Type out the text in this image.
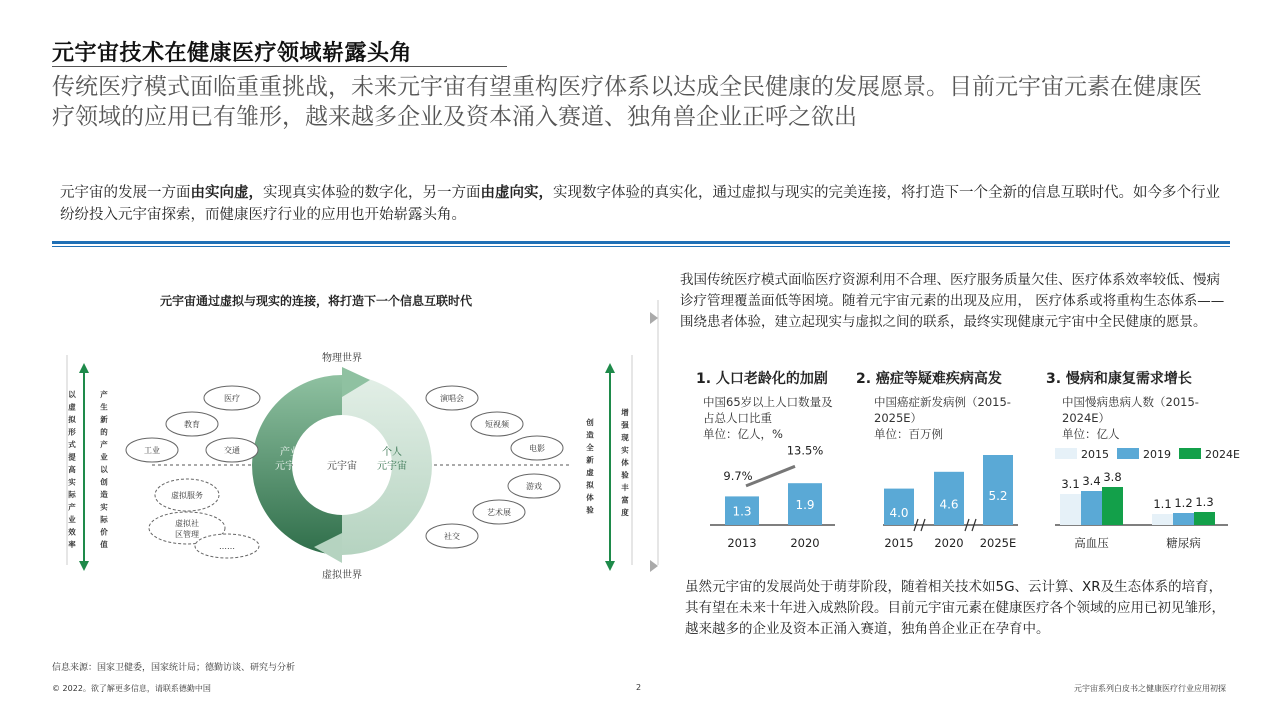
元宇宙技术在健康医疗领域崭露头角
传统医疗模式面临重重挑战，未来元宇宙有望重构医疗体系以达成全民健康的发展愿景。目前元宇宙元素在健康医疗领域的应用已有雏形，越来越多企业及资本涌入赛道、独角兽企业正呼之欲出
元宇宙的发展一方面由实向虚，实现真实体验的数字化，另一方面由虚向实，实现数字体验的真实化，通过虚拟与现实的完美连接，将打造下一个全新的信息互联时代。如今多个行业纷纷投入元宇宙探索，而健康医疗行业的应用也开始崭露头角。
元宇宙通过虚拟与现实的连接，将打造下一个信息互联时代
元宇宙
物理世界
虚拟世界
产业
元宇宙
个人
元宇宙
医疗
教育
工业	交通
虚拟服务
虚拟社
区管理
……
演唱会
短视频
电影
游戏
艺术展
社交
以
虚
拟
形
式
提
高
实
际
产
业
效
率
产
生
新
的
产
业
以
创
造
实
际
价
值
创
造
全
新
虚
拟
体
验
增
强
现
实
体
验
丰
富
度
我国传统医疗模式面临医疗资源利用不合理、医疗服务质量欠佳、医疗体系效率较低、慢病诊疗管理覆盖面低等困境。随着元宇宙元素的出现及应用， 医疗体系或将重构生态体系——围绕患者体验，建立起现实与虚拟之间的联系，最终实现健康元宇宙中全民健康的愿景。
1. 人口老龄化的加剧
中国65岁以上人口数量及占总人口比重
单位：亿人，%
1.3
2013
1.9
2020
9.7%
13.5%
2. 癌症等疑难疾病高发
中国癌症新发病例（2015-2025E）
单位：百万例
4.0
2015
4.6
2020
5.2
2025E
3. 慢病和康复需求增长
中国慢病患病人数（2015-2024E）
单位：亿人
2015	2019	2024E
3.1 3.4 3.8
高血压
1.1 1.2 1.3
糖尿病
虽然元宇宙的发展尚处于萌芽阶段，随着相关技术如5G、云计算、XR及生态体系的培育，其有望在未来十年进入成熟阶段。目前元宇宙元素在健康医疗各个领域的应用已初见雏形，越来越多的企业及资本正涌入赛道，独角兽企业正在孕育中。
信息来源：国家卫健委，国家统计局；德勤访谈、研究与分析
© 2022。欲了解更多信息，请联系德勤中国	2	元宇宙系列白皮书之健康医疗行业应用初探
